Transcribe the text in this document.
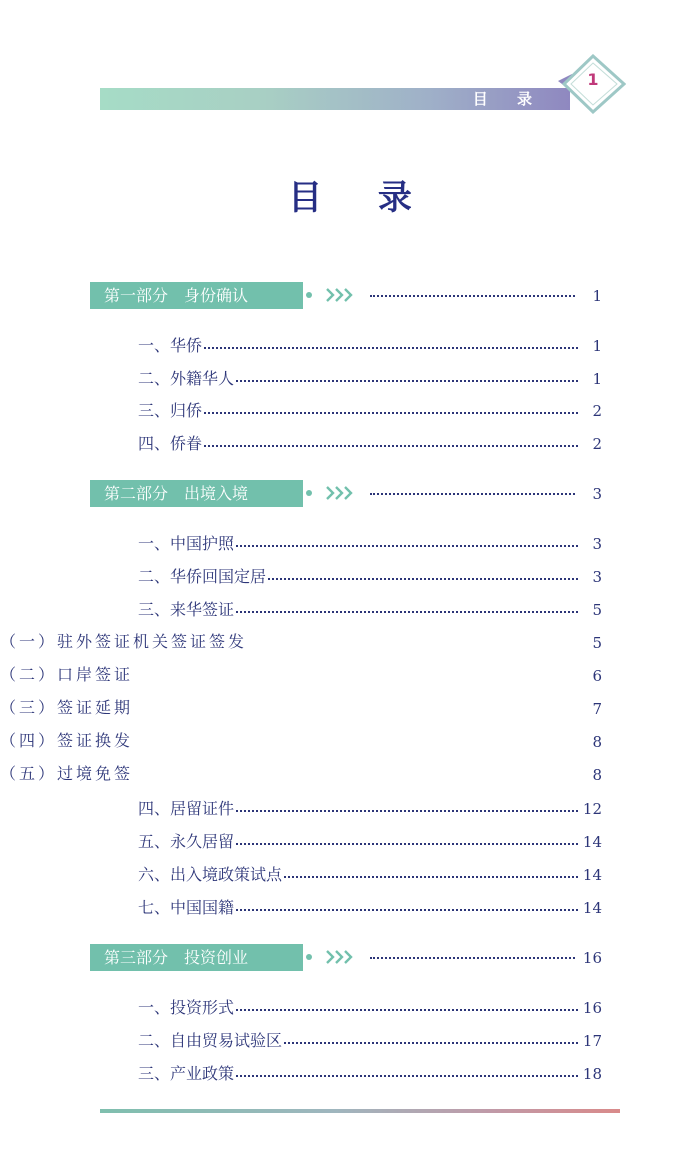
目 录
1
目 录
第一部分　身份确认	1
一、华侨	1
二、外籍华人	1
三、归侨	2
四、侨眷	2
第二部分　出境入境	3
一、中国护照	3
二、华侨回国定居	3
三、来华签证	5
（一）驻外签证机关签证签发	5
（二）口岸签证	6
（三）签证延期	7
（四）签证换发	8
（五）过境免签	8
四、居留证件	12
五、永久居留	14
六、出入境政策试点	14
七、中国国籍	14
第三部分　投资创业	16
一、投资形式	16
二、自由贸易试验区	17
三、产业政策	18
